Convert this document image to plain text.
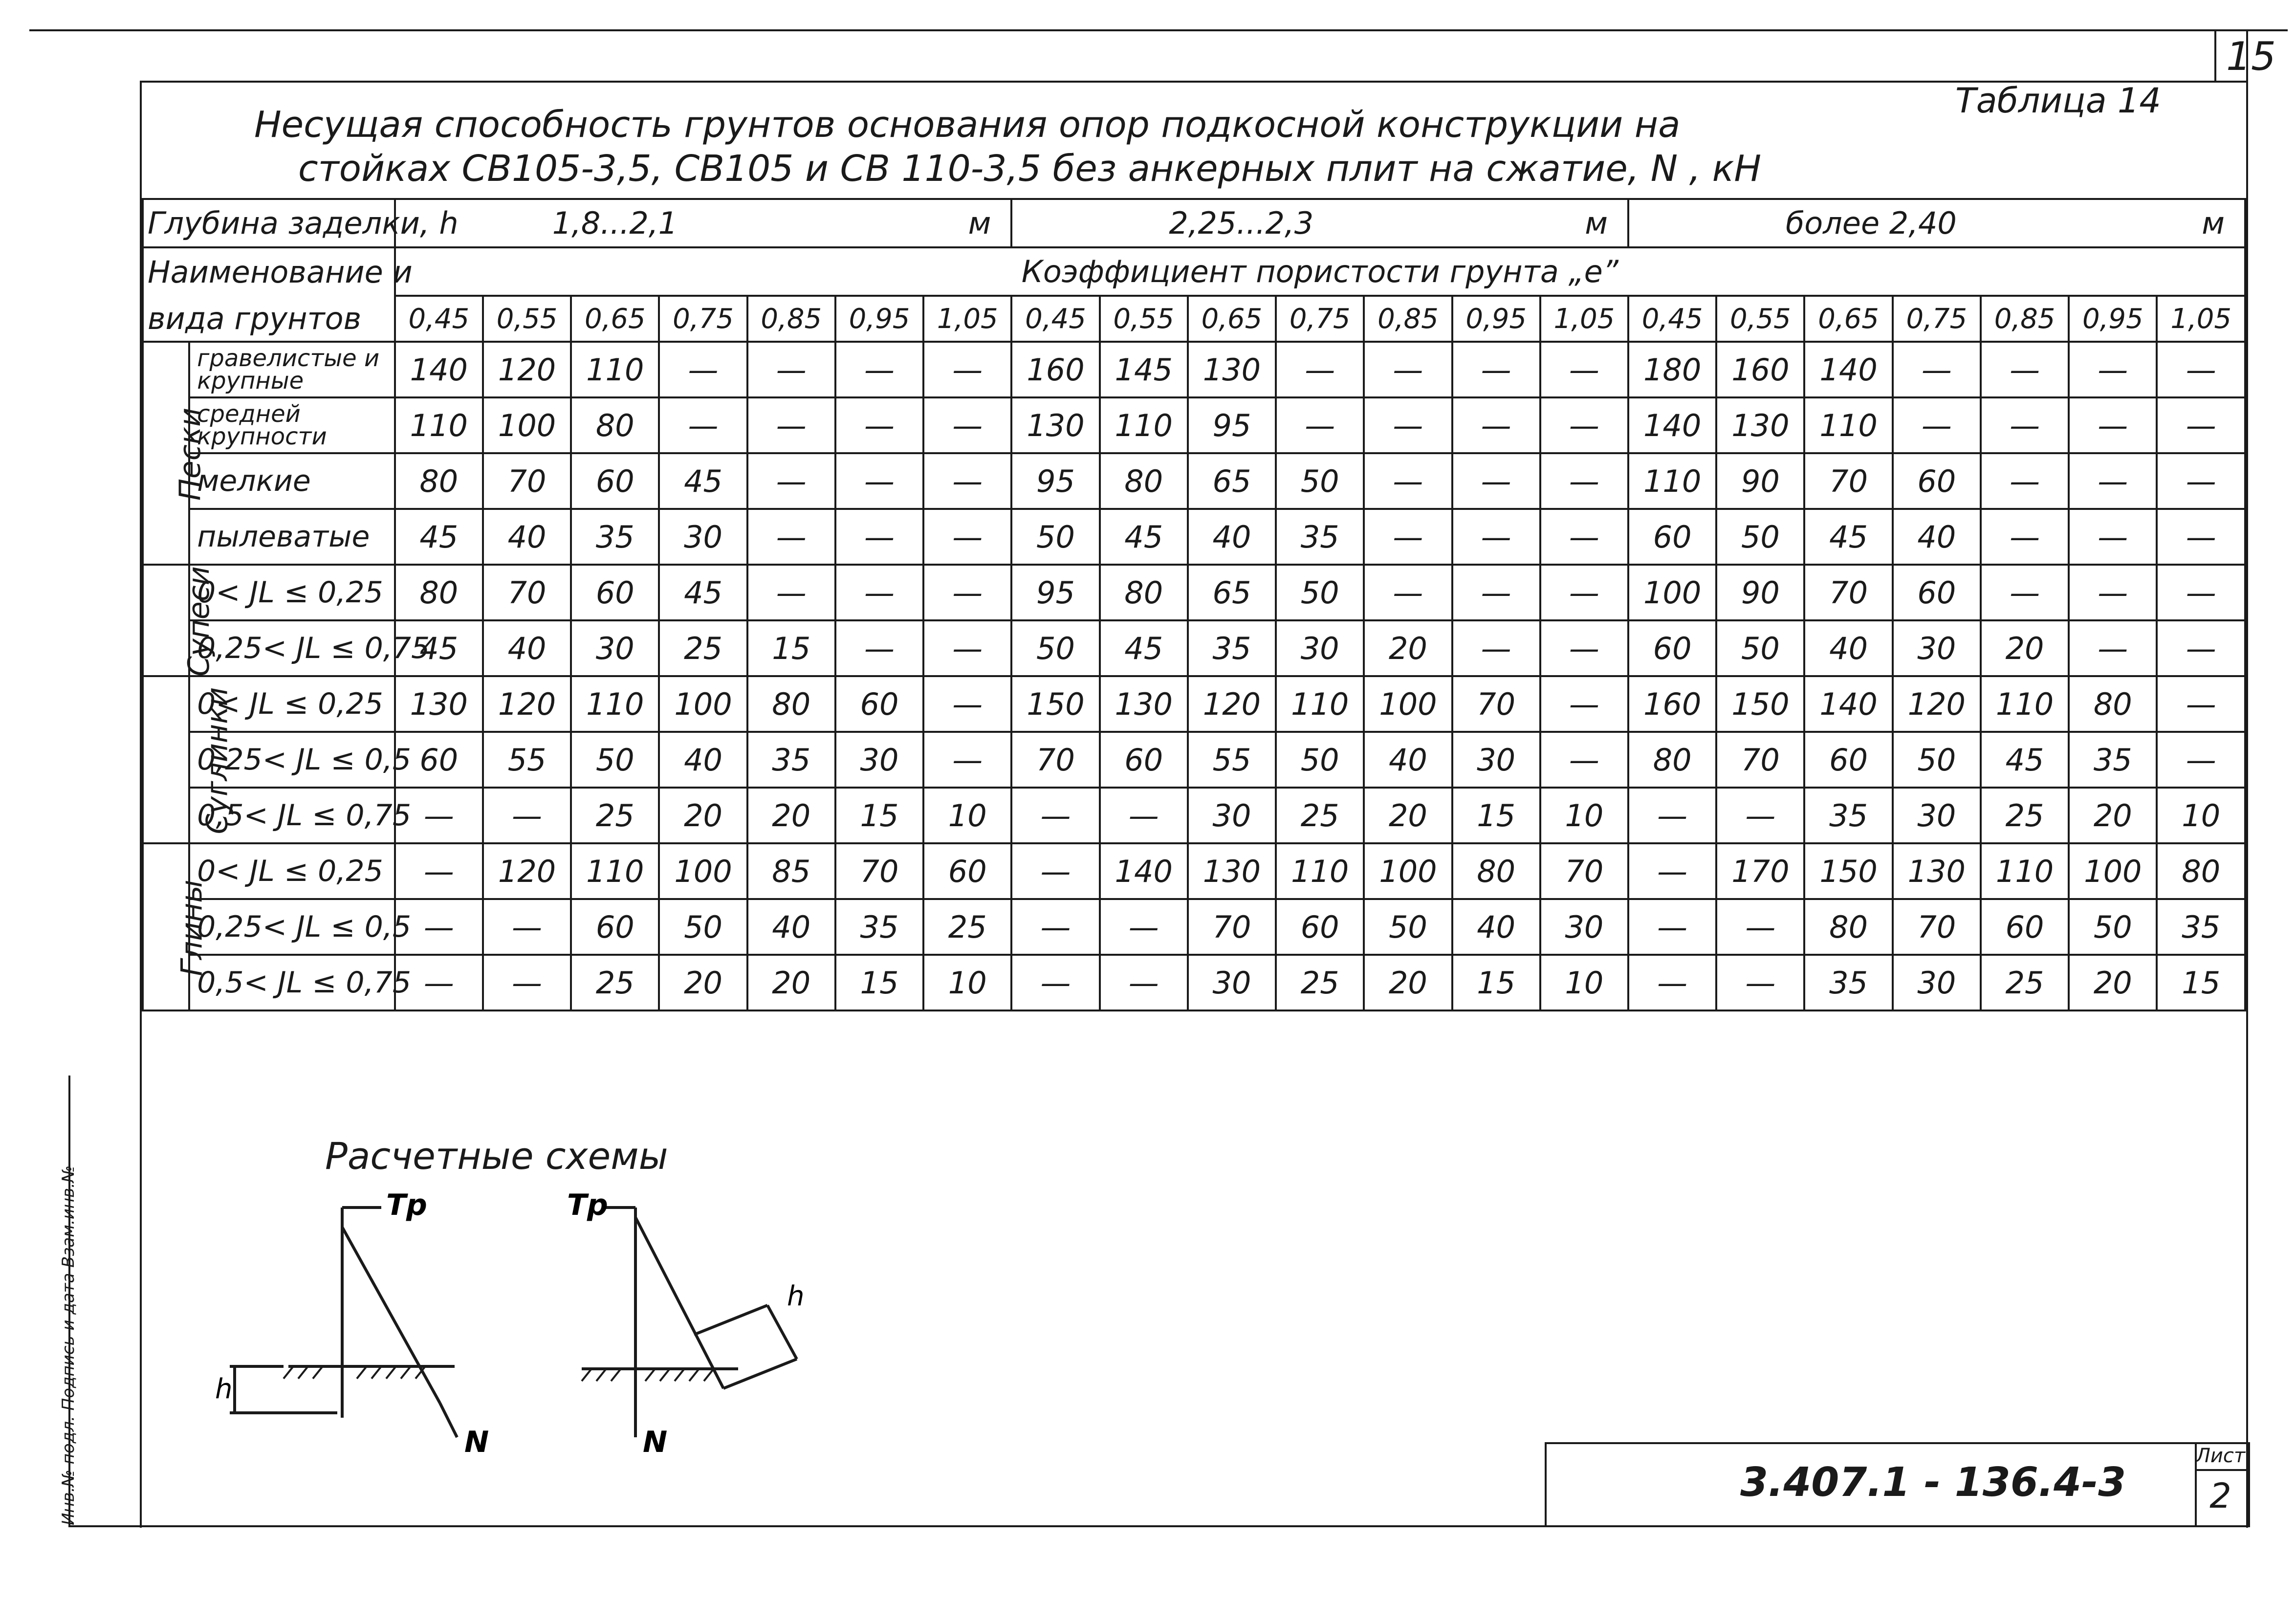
15
Таблица 14
Несущая способность грунтов основания опор подкосной конструкции на
стойках СВ105-3,5, СВ105 и СВ 110-3,5 без анкерных плит на сжатие, N , кН
Глубина заделки, h		1,8...2,1 м							2,25...2,3 м							более 2,40 м						

Наименование и		Коэффициент пористости грунта „е”																				
вида грунтов		0,45	0,55	0,65	0,75	0,85	0,95	1,05	0,45	0,55	0,65	0,75	0,85	0,95	1,05	0,45	0,55	0,65	0,75	0,85	0,95	1,05
Пески	гравелистые и крупные	140	120	110	—	—	—	—	160	145	130	—	—	—	—	180	160	140	—	—	—	—
	средней крупности	110	100	80	—	—	—	—	130	110	95	—	—	—	—	140	130	110	—	—	—	—
	мелкие	80	70	60	45	—	—	—	95	80	65	50	—	—	—	110	90	70	60	—	—	—
	пылеватые	45	40	35	30	—	—	—	50	45	40	35	—	—	—	60	50	45	40	—	—	—
Супеси	0< JL ≤ 0,25	80	70	60	45	—	—	—	95	80	65	50	—	—	—	100	90	70	60	—	—	—
	0,25< JL ≤ 0,75	45	40	30	25	15	—	—	50	45	35	30	20	—	—	60	50	40	30	20	—	—
Суглинки	0< JL ≤ 0,25	130	120	110	100	80	60	—	150	130	120	110	100	70	—	160	150	140	120	110	80	—
	0,25< JL ≤ 0,5	60	55	50	40	35	30	—	70	60	55	50	40	30	—	80	70	60	50	45	35	—
	0,5< JL ≤ 0,75	—	—	25	20	20	15	10	—	—	30	25	20	15	10	—	—	35	30	25	20	10
Глины	0< JL ≤ 0,25	—	120	110	100	85	70	60	—	140	130	110	100	80	70	—	170	150	130	110	100	80
	0,25< JL ≤ 0,5	—	—	60	50	40	35	25	—	—	70	60	50	40	30	—	—	80	70	60	50	35
	0,5< JL ≤ 0,75	—	—	25	20	20	15	10	—	—	30	25	20	15	10	—	—	35	30	25	20	15
Расчетные схемы
Тр	Тр
N	N
h
h
3.407.1 - 136.4-3
Лист
2
Инв.№ подл. Подпись и дата Взам.инв.№
